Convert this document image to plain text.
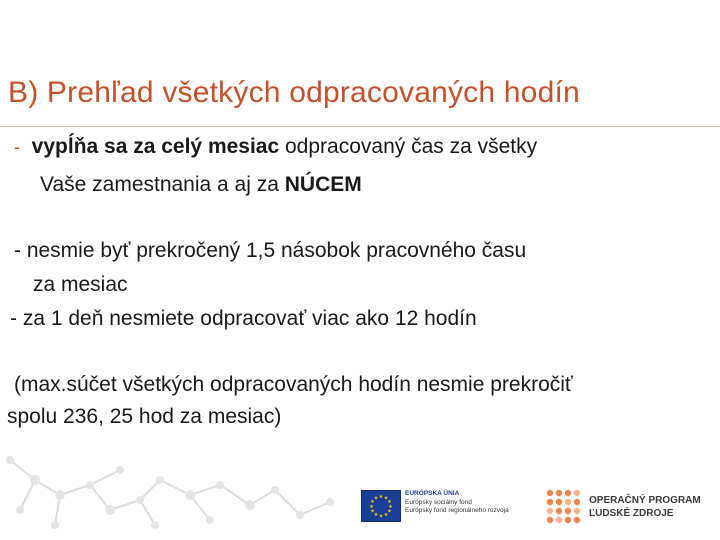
B) Prehľad všetkých odpracovaných hodín
- vypĺňa sa za celý mesiac odpracovaný čas za všetky
Vaše zamestnania a aj za NÚCEM
- nesmie byť prekročený 1,5 násobok pracovného času
za mesiac
- za 1 deň nesmiete odpracovať viac ako 12 hodín
(max.súčet všetkých odpracovaných hodín nesmie prekročiť
spolu 236, 25 hod za mesiac)
★ ★
★
★
★
★
★
★
★
★
★
★
EURÓPSKA ÚNIA
Európsky sociálny fond
Európsky fond regionálneho rozvoja
OPERAČNÝ PROGRAM
ĽUDSKÉ ZDROJE
